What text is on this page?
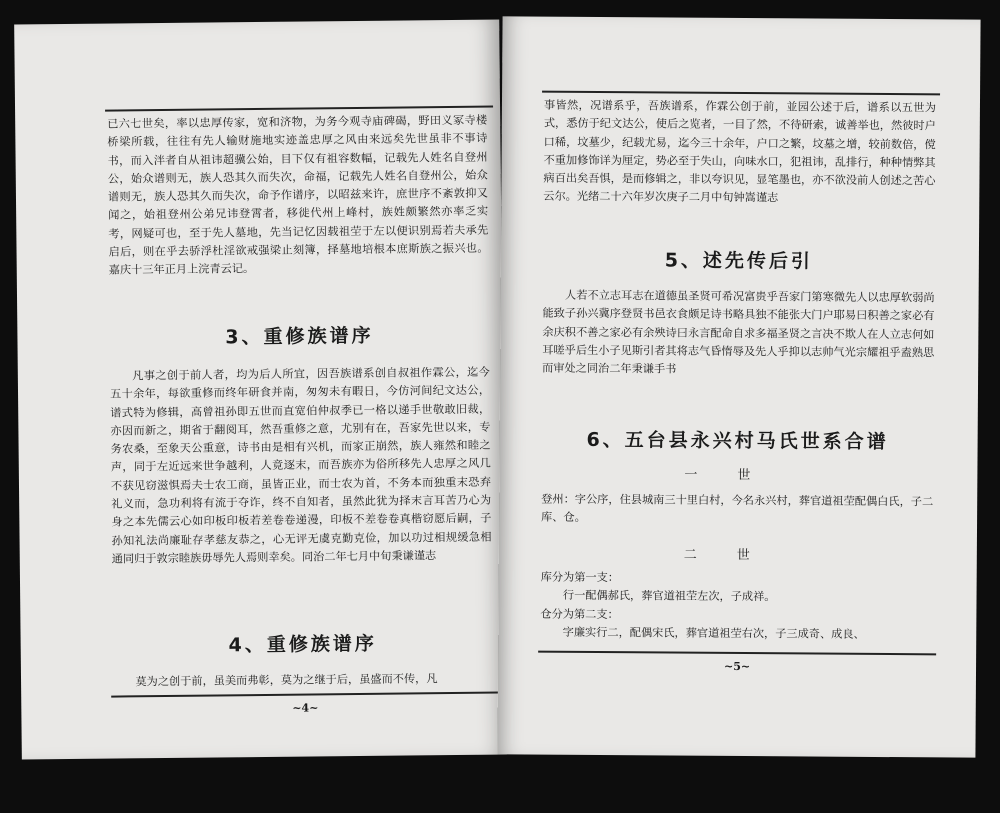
已六七世矣，率以忠厚传家，宽和济物，为务今观寺庙碑碣，野田义冢寺楼桥梁所载，往往有先人输财施地实迹盖忠厚之风由来远矣先世虽非不事诗书，而入泮者自从祖讳超骥公始，目下仅有祖容数幅，记载先人姓名自登州公，始众谱则无，族人恐其久而失次，命福，记载先人姓名自登州公，始众谱则无，族人恐其久而失次，命予作谱序，以昭兹来许，庶世序不紊敦抑又闻之，始祖登州公弟兄讳登霄者，移徙代州上峰村，族姓颇繁然亦率乏实考，网疑可也，至于先人墓地，先当记忆因载祖茔于左以便识别焉若夫承先启后，则在乎去骄浮杜淫欲戒强梁止刻簿，择墓地培根本庶斯族之振兴也。嘉庆十三年正月上浣青云记。

3、重修族谱序

凡事之创于前人者，均为后人所宜，因吾族谱系创自叔祖作霖公，迄今五十余年，每欲重修而终年研食并南，匆匆未有暇日，今仿河间纪文达公，谱式特为修辑，高曾祖孙即五世而直宽伯仲叔季已一格以递手世敬敢旧裁，亦因而新之，期省于翻阅耳，然吾重修之意，尤别有在，吾家先世以来，专务农桑，至象天公重意，诗书由是相有兴机，而家正崩然，族人雍然和睦之声，同于左近远来世争越利，人竟逐末，而吾族亦为俗所移先人忠厚之风几不获见窃滋惧焉夫士农工商，虽皆正业，而士农为首，不务本而独重末恐弃礼义而，急功利将有流于夺诈，终不自知者，虽然此犹为择末言耳苦乃心为身之本先儒云心如印板印板若差卷卷递漫，印板不差卷卷真楷窃愿后嗣，子孙知礼法尚廉耻存孝慈友恭之，心无评无虞克勤克俭，加以功过相规缓急相通同归于敦宗睦族毋辱先人焉则幸矣。同治二年七月中旬秉谦谨志

4、重修族谱序

莫为之创于前，虽美而弗彰，莫为之继于后，虽盛而不传，凡

~4~

事皆然，况谱系乎，吾族谱系，作霖公创于前，並园公述于后，谱系以五世为式，悉仿于纪文达公，使后之览者，一目了然，不待研索，诚善举也，然彼时户口稀，坟墓少，纪载尤易，迄今三十余年，户口之繁，坟墓之增，较前数倍，傥不重加修饰详为厘定，势必至于失山，向味水口，犯祖讳，乱排行，种种情弊其病百出矣吾惧，是而修辑之，非以夸识见，显笔墨也，亦不欲没前人创述之苦心云尔。光绪二十六年岁次庚子二月中旬钟嵩谨志

5、述先传后引

人若不立志耳志在道德虽圣贤可希况富贵乎吾家门第寒微先人以忠厚软弱尚能致子孙兴冀序登贤书邑衣食颇足诗书略具独不能张大门户耶易曰积善之家必有余庆积不善之家必有余殃诗曰永言配命自求多福圣贤之言决不欺人在人立志何如耳嗟乎后生小子见斯引者其将志气昏惰辱及先人乎抑以志帅气光宗耀祖乎盍熟思而审处之同治二年秉谦手书

6、五台县永兴村马氏世系合谱
一世

登州：字公序，住县城南三十里白村，今名永兴村，葬官道祖茔配偶白氏，子二库、仓。

二世

库分为第一支：

行一配偶郝氏，葬官道祖茔左次，子成祥。

仓分为第二支：

字廉实行二，配偶宋氏，葬官道祖茔右次，子三成奇、成良、

~5~
